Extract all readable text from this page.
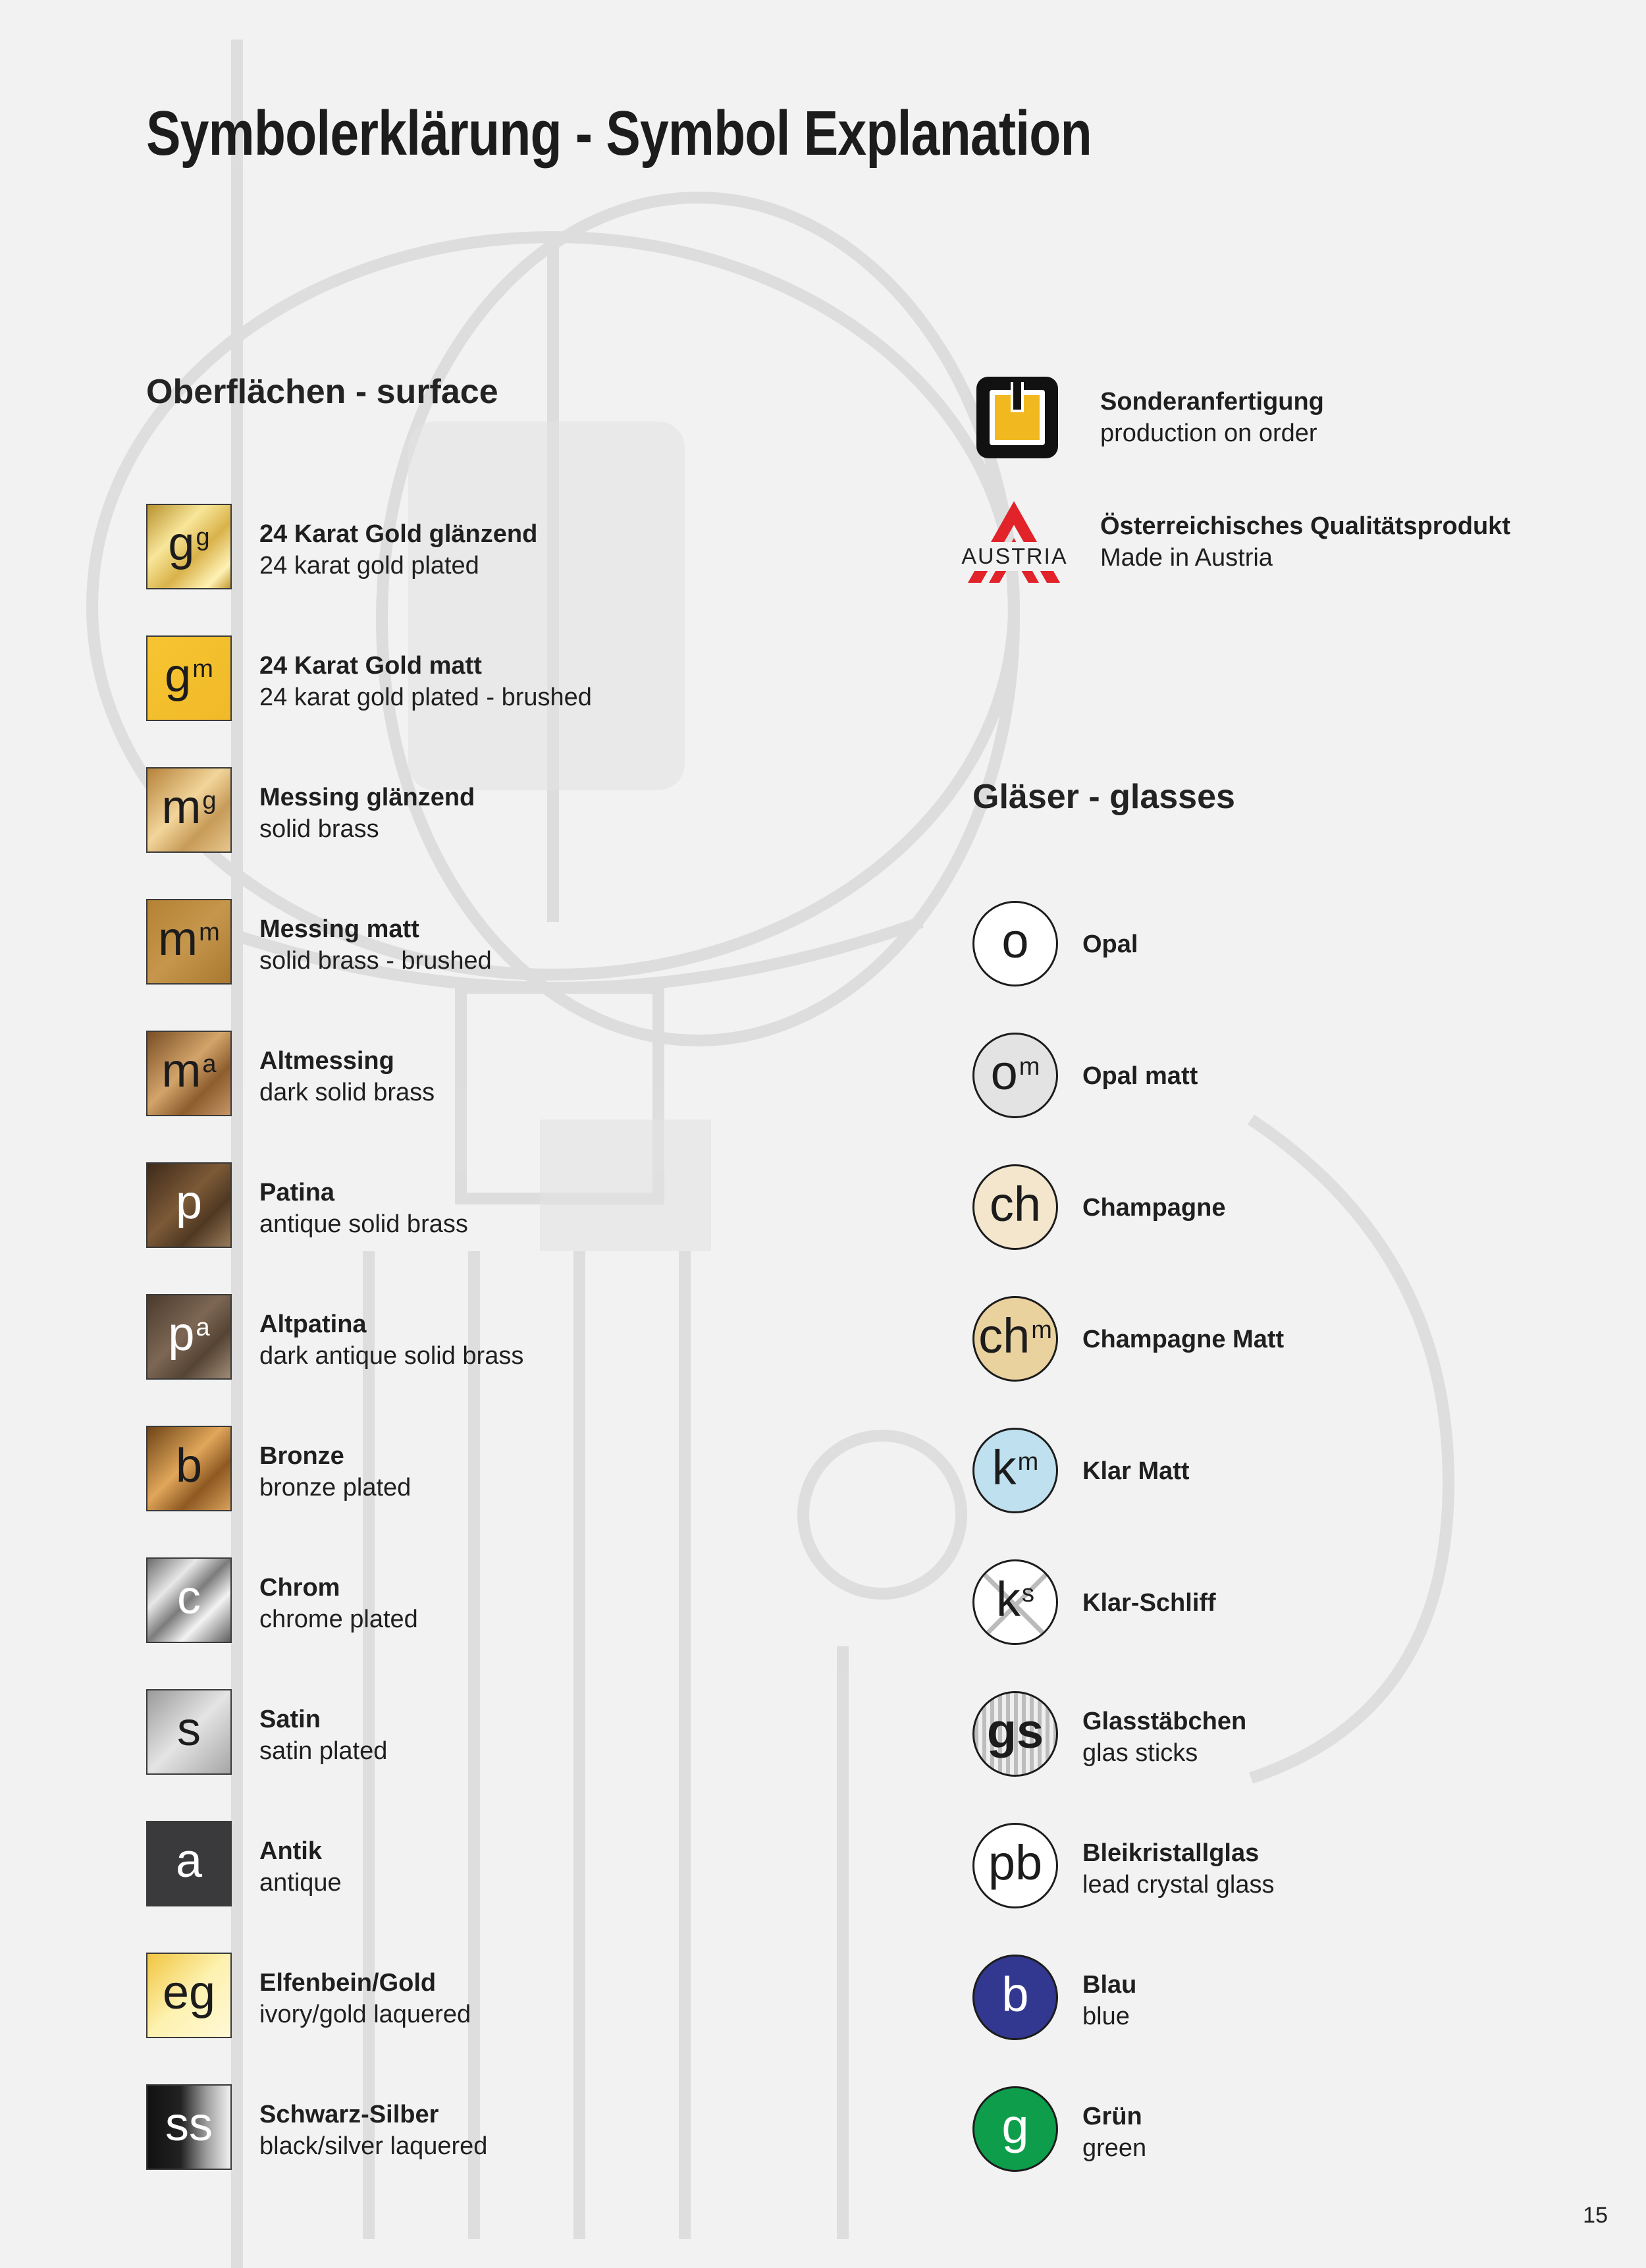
Symbolerklärung - Symbol Explanation
Oberflächen - surface
$g^g$ 24 Karat Gold glänzend
24 karat gold plated
$g^m$ 24 Karat Gold matt
24 karat gold plated - brushed
$m^g$ Messing glänzend
solid brass
$m^m$ Messing matt
solid brass - brushed
$m^a$ Altmessing
dark solid brass
p Patina
antique solid brass
$p^a$ Altpatina
dark antique solid brass
b Bronze
bronze plated
c Chrom
chrome plated
s Satin
satin plated
a Antik
antique
eg Elfenbein/Gold
ivory/gold laquered
ss Schwarz-Silber
black/silver laquered
Sonderanfertigung
production on order
AUSTRIA
Österreichisches Qualitätsprodukt
Made in Austria
Gläser - glasses
o Opal
$o^m$ Opal matt
ch Champagne
$ch^m$ Champagne Matt
$k^m$ Klar Matt
$k^s$ Klar-Schliff
gs Glasstäbchen
glas sticks
pb Bleikristallglas
lead crystal glass
b Blau
blue
g Grün
green
15
